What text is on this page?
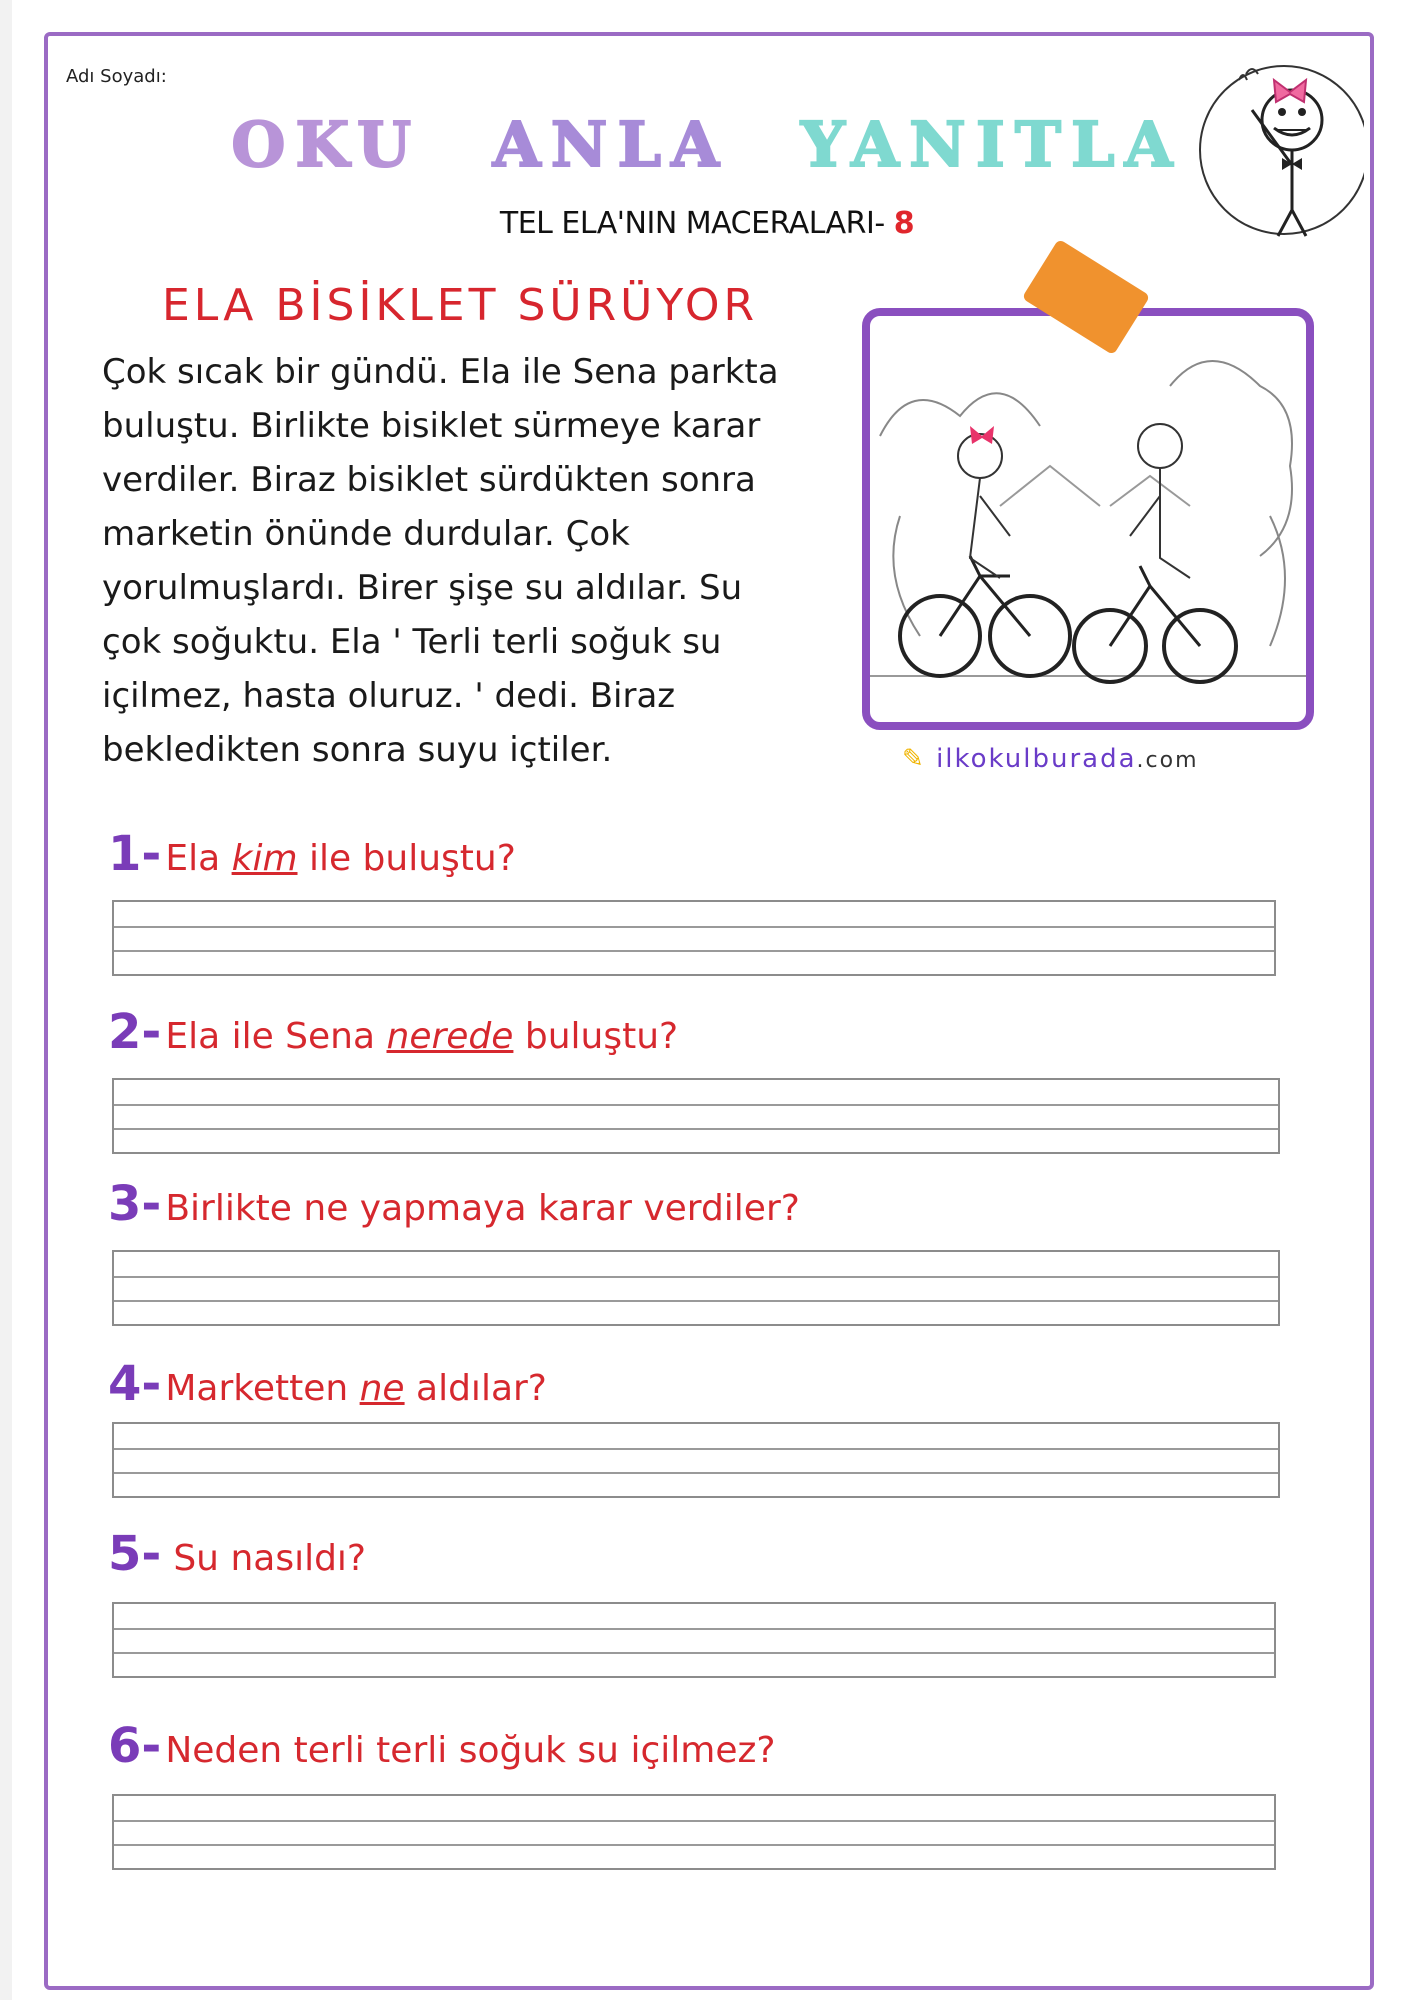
Adı Soyadı:
OKU ANLA YANITLA
TEL ELA'NIN MACERALARI- 8
ELA BİSİKLET SÜRÜYOR

Çok sıcak bir gündü. Ela ile Sena parkta

buluştu. Birlikte bisiklet sürmeye karar

verdiler. Biraz bisiklet sürdükten sonra

marketin önünde durdular. Çok

yorulmuşlardı. Birer şişe su aldılar. Su

çok soğuktu. Ela ' Terli terli soğuk su

içilmez, hasta oluruz. ' dedi. Biraz

bekledikten sonra suyu içtiler.	✎ ilkokulburada.com
1- Ela kim ile buluştu?
2- Ela ile Sena nerede buluştu?
3- Birlikte ne yapmaya karar verdiler?
4- Marketten ne aldılar?
5- Su nasıldı?
6- Neden terli terli soğuk su içilmez?
